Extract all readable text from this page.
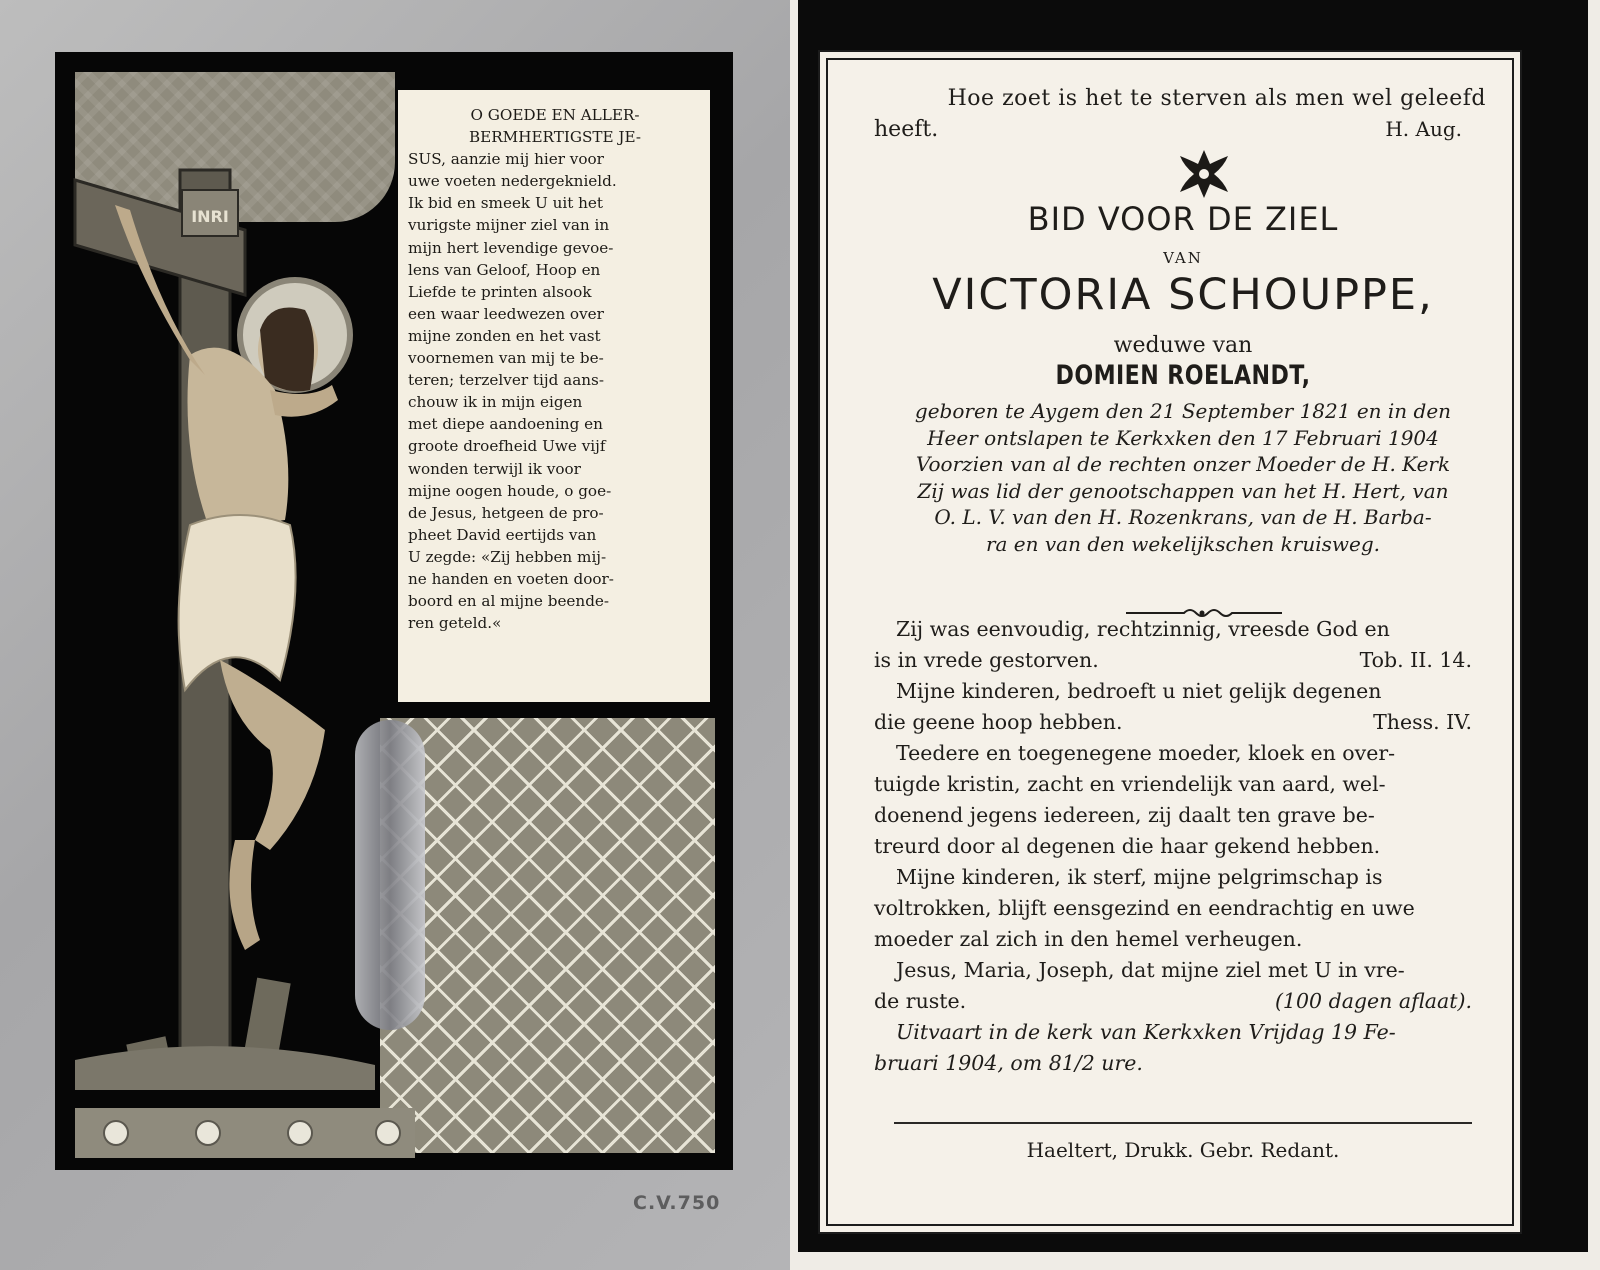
INRI

O GOEDE EN ALLER-

BERMHERTIGSTE JE-

SUS, aanzie mij hier voor

uwe voeten nedergeknield.

Ik bid en smeek U uit het

vurigste mijner ziel van in

mijn hert levendige gevoe-

lens van Geloof, Hoop en

Liefde te printen alsook

een waar leedwezen over

mijne zonden en het vast

voornemen van mij te be-

teren; terzelver tijd aans-

chouw ik in mijn eigen

met diepe aandoening en

groote droefheid Uwe vijf

wonden terwijl ik voor

mijne oogen houde, o goe-

de Jesus, hetgeen de pro-

pheet David eertijds van

U zegde: «Zij hebben mij-

ne handen en voeten door-

boord en al mijne beende-

ren geteld.«

C.V.750
Hoe zoet is het te sterven als men wel geleefd
heeft.	H. Aug.
BID VOOR DE ZIEL
VAN
VICTORIA SCHOUPPE,
weduwe van
DOMIEN ROELANDT,
geboren te Aygem den 21 September 1821 en in den
Heer ontslapen te Kerkxken den 17 Februari 1904
Voorzien van al de rechten onzer Moeder de H. Kerk
Zij was lid der genootschappen van het H. Hert, van
O. L. V. van den H. Rozenkrans, van de H. Barba-
ra en van den wekelijkschen kruisweg.
Zij was eenvoudig, rechtzinnig, vreesde God en
is in vrede gestorven.	Tob. II. 14.
Mijne kinderen, bedroeft u niet gelijk degenen
die geene hoop hebben.	Thess. IV.
Teedere en toegenegene moeder, kloek en over-
tuigde kristin, zacht en vriendelijk van aard, wel-
doenend jegens iedereen, zij daalt ten grave be-
treurd door al degenen die haar gekend hebben.
Mijne kinderen, ik sterf, mijne pelgrimschap is
voltrokken, blijft eensgezind en eendrachtig en uwe
moeder zal zich in den hemel verheugen.
Jesus, Maria, Joseph, dat mijne ziel met U in vre-
de ruste.	(100 dagen aflaat).
Uitvaart in de kerk van Kerkxken Vrijdag 19 Fe-
bruari 1904, om 81/2 ure.
Haeltert, Drukk. Gebr. Redant.
